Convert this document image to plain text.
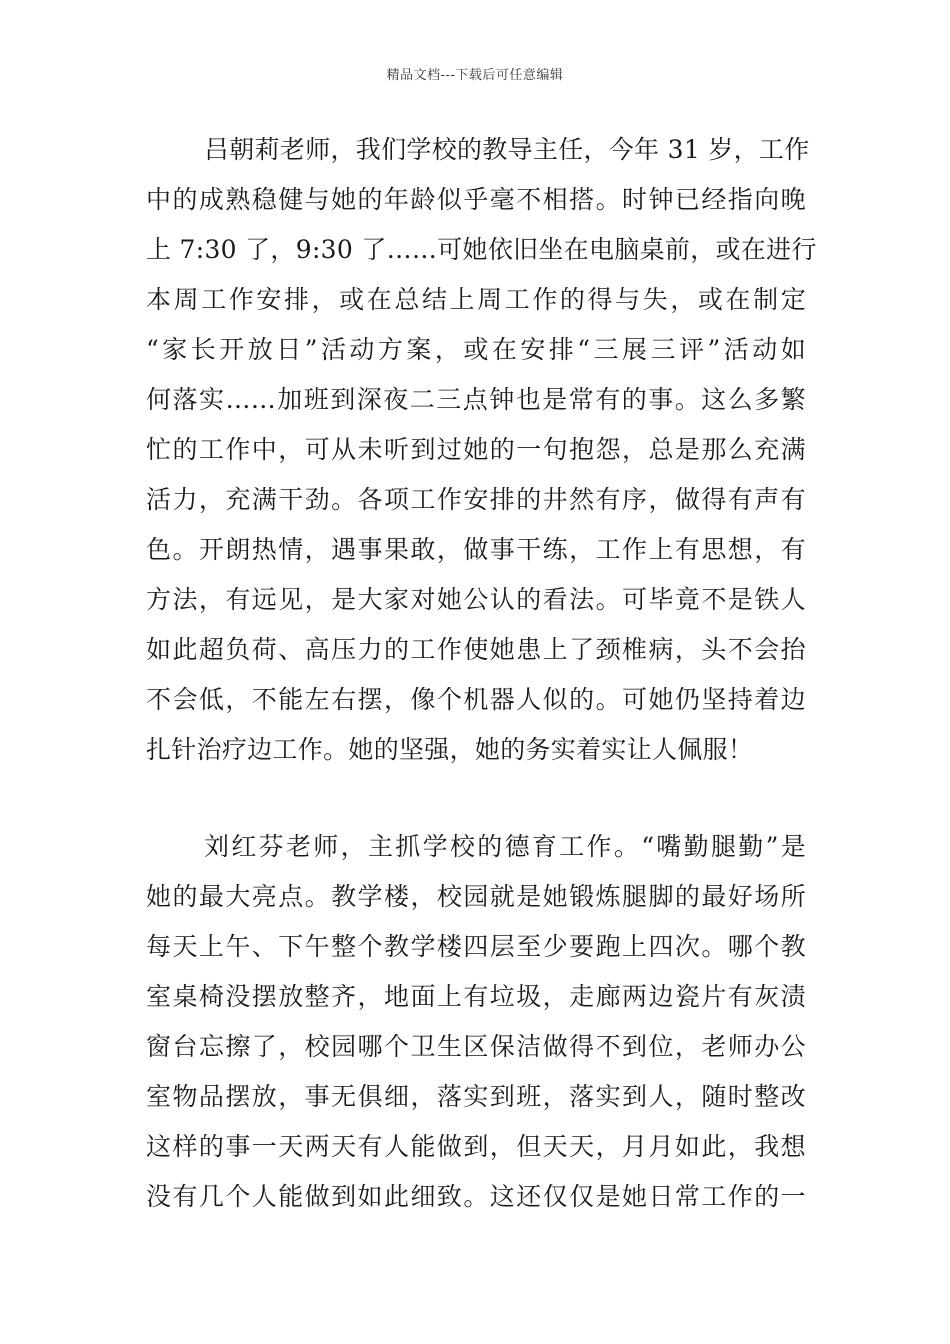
精品文档---下载后可任意编辑
吕朝莉老师，我们学校的教导主任，今年 31 岁，工作
中的成熟稳健与她的年龄似乎毫不相搭。时钟已经指向晚
上 7:30 了，9:30 了……可她依旧坐在电脑桌前，或在进行
本周工作安排，或在总结上周工作的得与失，或在制定
“家长开放日”活动方案，或在安排“三展三评”活动如
何落实……加班到深夜二三点钟也是常有的事。这么多繁
忙的工作中，可从未听到过她的一句抱怨，总是那么充满
活力，充满干劲。各项工作安排的井然有序，做得有声有
色。开朗热情，遇事果敢，做事干练，工作上有思想，有
方法，有远见，是大家对她公认的看法。可毕竟不是铁人
如此超负荷、高压力的工作使她患上了颈椎病，头不会抬
不会低，不能左右摆，像个机器人似的。可她仍坚持着边
扎针治疗边工作。她的坚强，她的务实着实让人佩服！
刘红芬老师，主抓学校的德育工作。“嘴勤腿勤”是
她的最大亮点。教学楼，校园就是她锻炼腿脚的最好场所
每天上午、下午整个教学楼四层至少要跑上四次。哪个教
室桌椅没摆放整齐，地面上有垃圾，走廊两边瓷片有灰渍
窗台忘擦了，校园哪个卫生区保洁做得不到位，老师办公
室物品摆放，事无俱细，落实到班，落实到人，随时整改
这样的事一天两天有人能做到，但天天，月月如此，我想
没有几个人能做到如此细致。这还仅仅是她日常工作的一
